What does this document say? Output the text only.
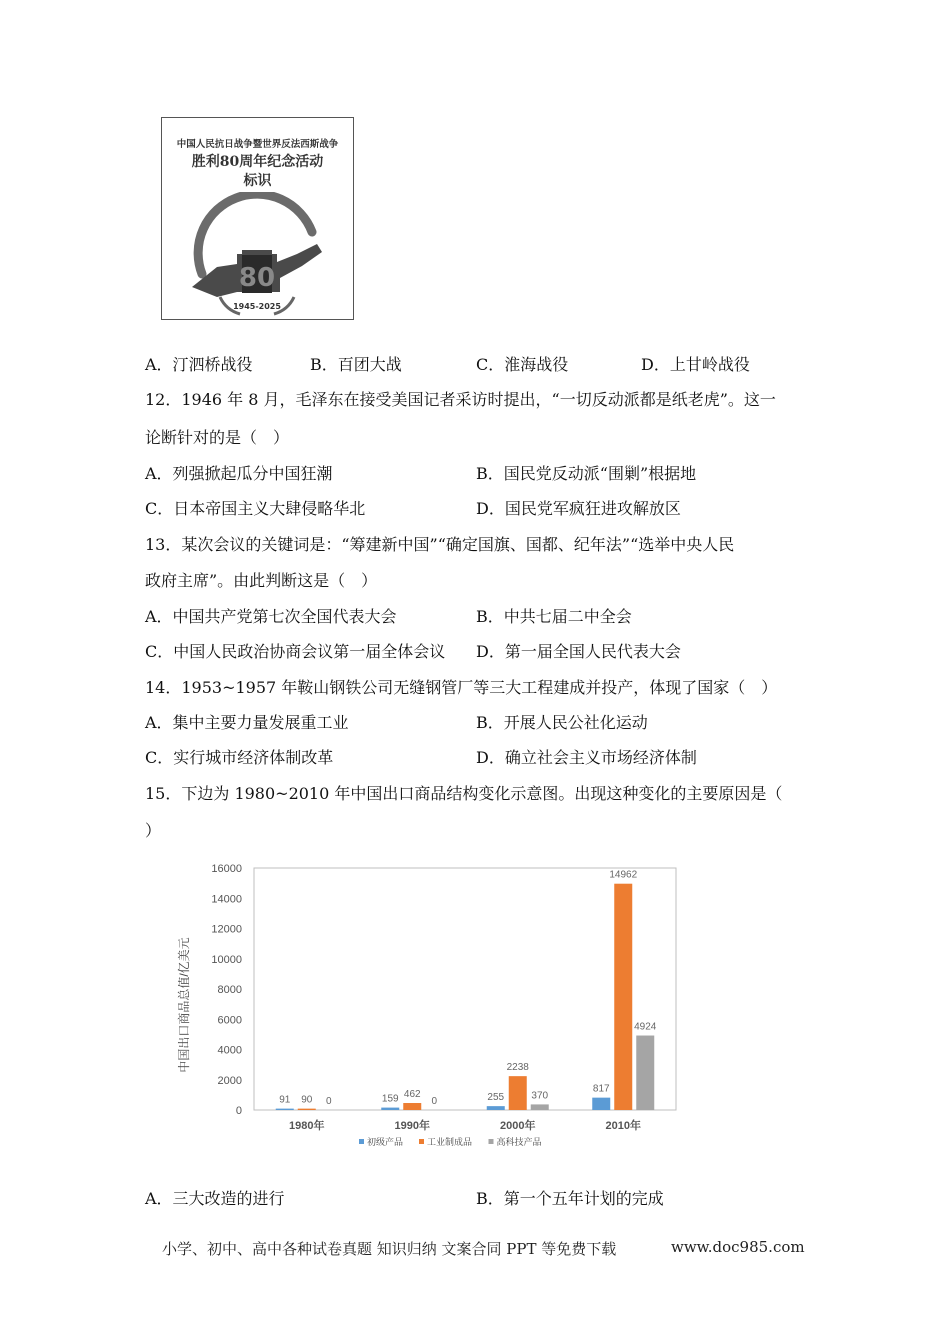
中国人民抗日战争暨世界反法西斯战争
胜利80周年纪念活动
标识
80
1945-2025
A．汀泗桥战役	B．百团大战	C．淮海战役	D．上甘岭战役
12．1946 年 8 月，毛泽东在接受美国记者采访时提出，“一切反动派都是纸老虎”。这一
论断针对的是（　）
A．列强掀起瓜分中国狂潮	B．国民党反动派“围剿”根据地
C．日本帝国主义大肆侵略华北	D．国民党军疯狂进攻解放区
13．某次会议的关键词是：“筹建新中国”“确定国旗、国都、纪年法”“选举中央人民
政府主席”。由此判断这是（　）
A．中国共产党第七次全国代表大会	B．中共七届二中全会
C．中国人民政治协商会议第一届全体会议 D．第一届全国人民代表大会
14．1953~1957 年鞍山钢铁公司无缝钢管厂等三大工程建成并投产，体现了国家（　）
A．集中主要力量发展重工业	B．开展人民公社化运动
C．实行城市经济体制改革	D．确立社会主义市场经济体制
15．下边为 1980~2010 年中国出口商品结构变化示意图。出现这种变化的主要原因是（
）
0
2000
4000
6000
8000
10000
12000
14000
16000
91 90 0	159 462
0	255
2238
370
817
14962
4924
1980年	1990年	2000年	2010年
初级产品	工业制成品	高科技产品
中国出口商品总值/亿美元
A．三大改造的进行	B．第一个五年计划的完成
小学、初中、高中各种试卷真题 知识归纳 文案合同 PPT 等免费下载	www.doc985.com
